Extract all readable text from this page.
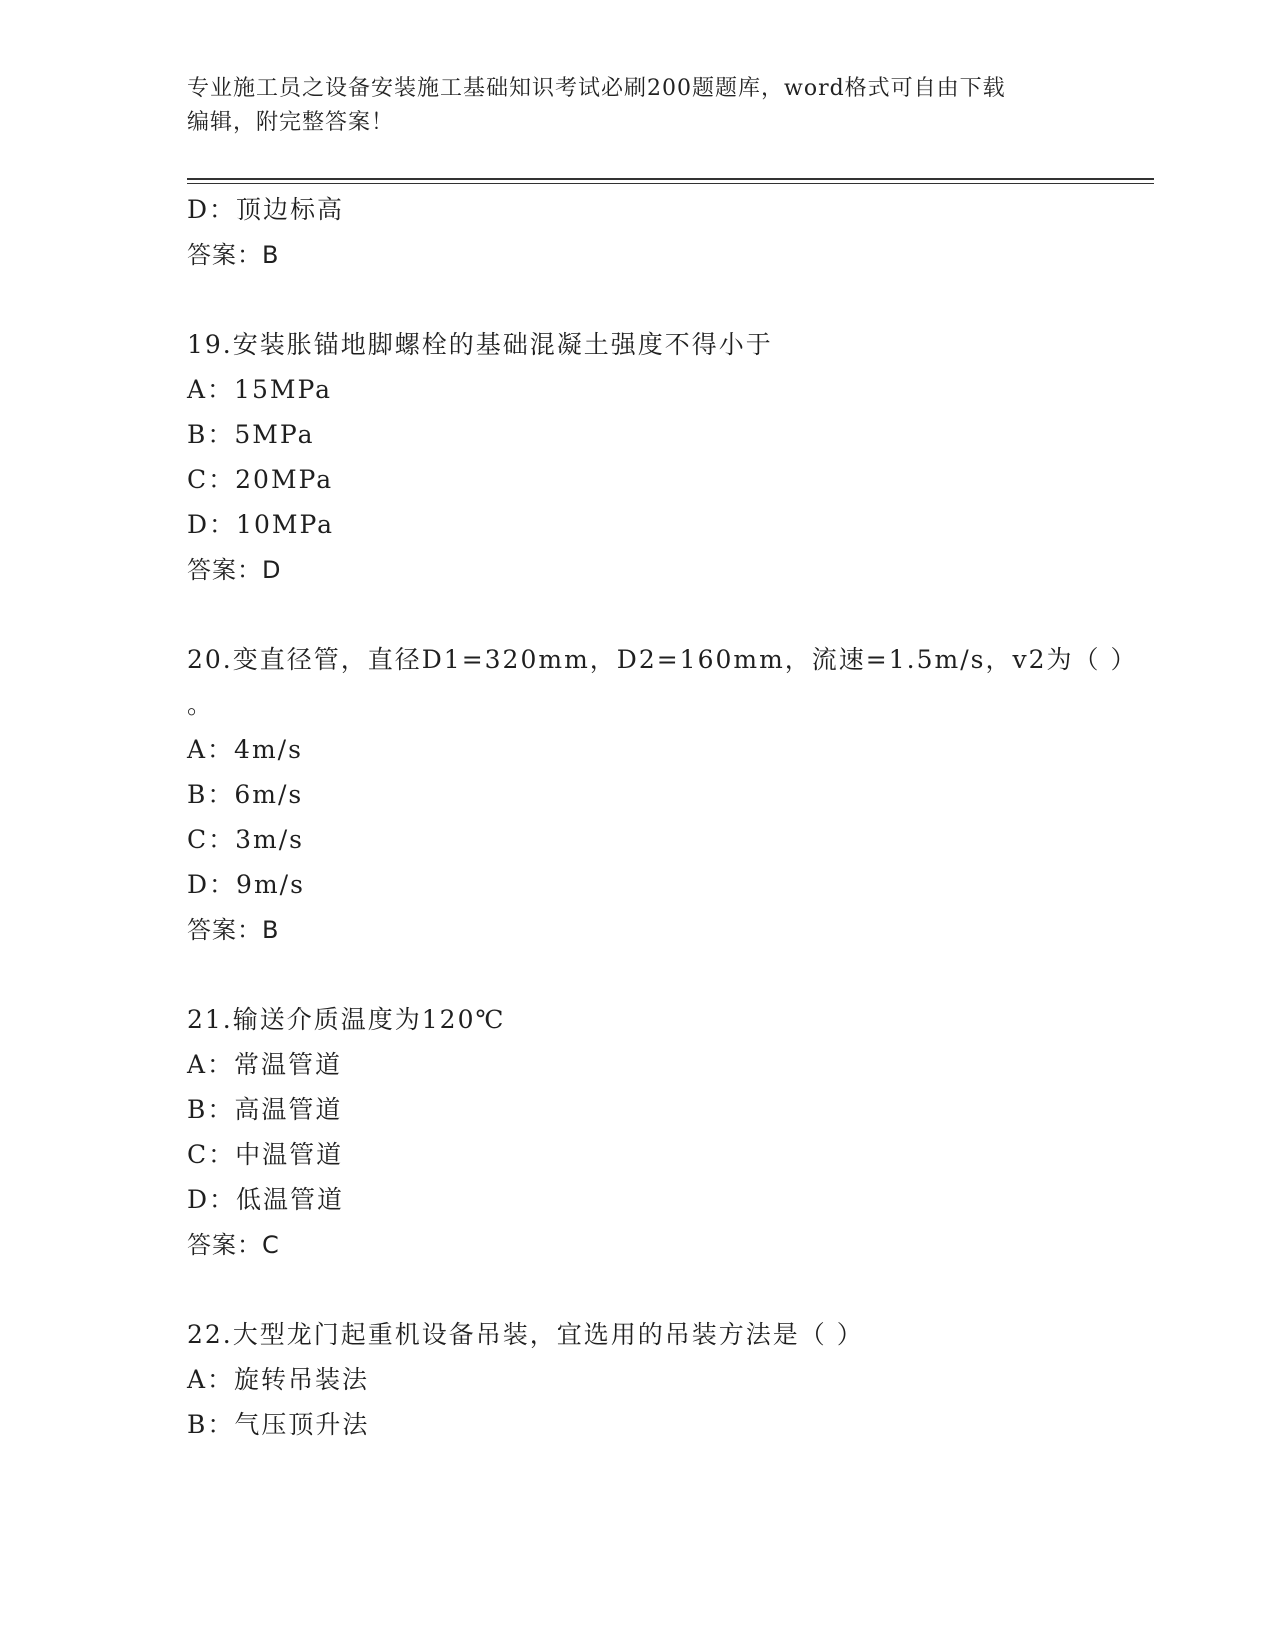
专业施工员之设备安装施工基础知识考试必刷200题题库，word格式可自由下载
编辑，附完整答案！
D：顶边标高
答案：B
19.安装胀锚地脚螺栓的基础混凝土强度不得小于
A：15MPa
B：5MPa
C：20MPa
D：10MPa
答案：D
20.变直径管，直径D1=320mm，D2=160mm，流速=1.5m/s，v2为（ ）
。
A：4m/s
B：6m/s
C：3m/s
D：9m/s
答案：B
21.输送介质温度为120℃
A：常温管道
B：高温管道
C：中温管道
D：低温管道
答案：C
22.大型龙门起重机设备吊装，宜选用的吊装方法是（ ）
A：旋转吊装法
B：气压顶升法
